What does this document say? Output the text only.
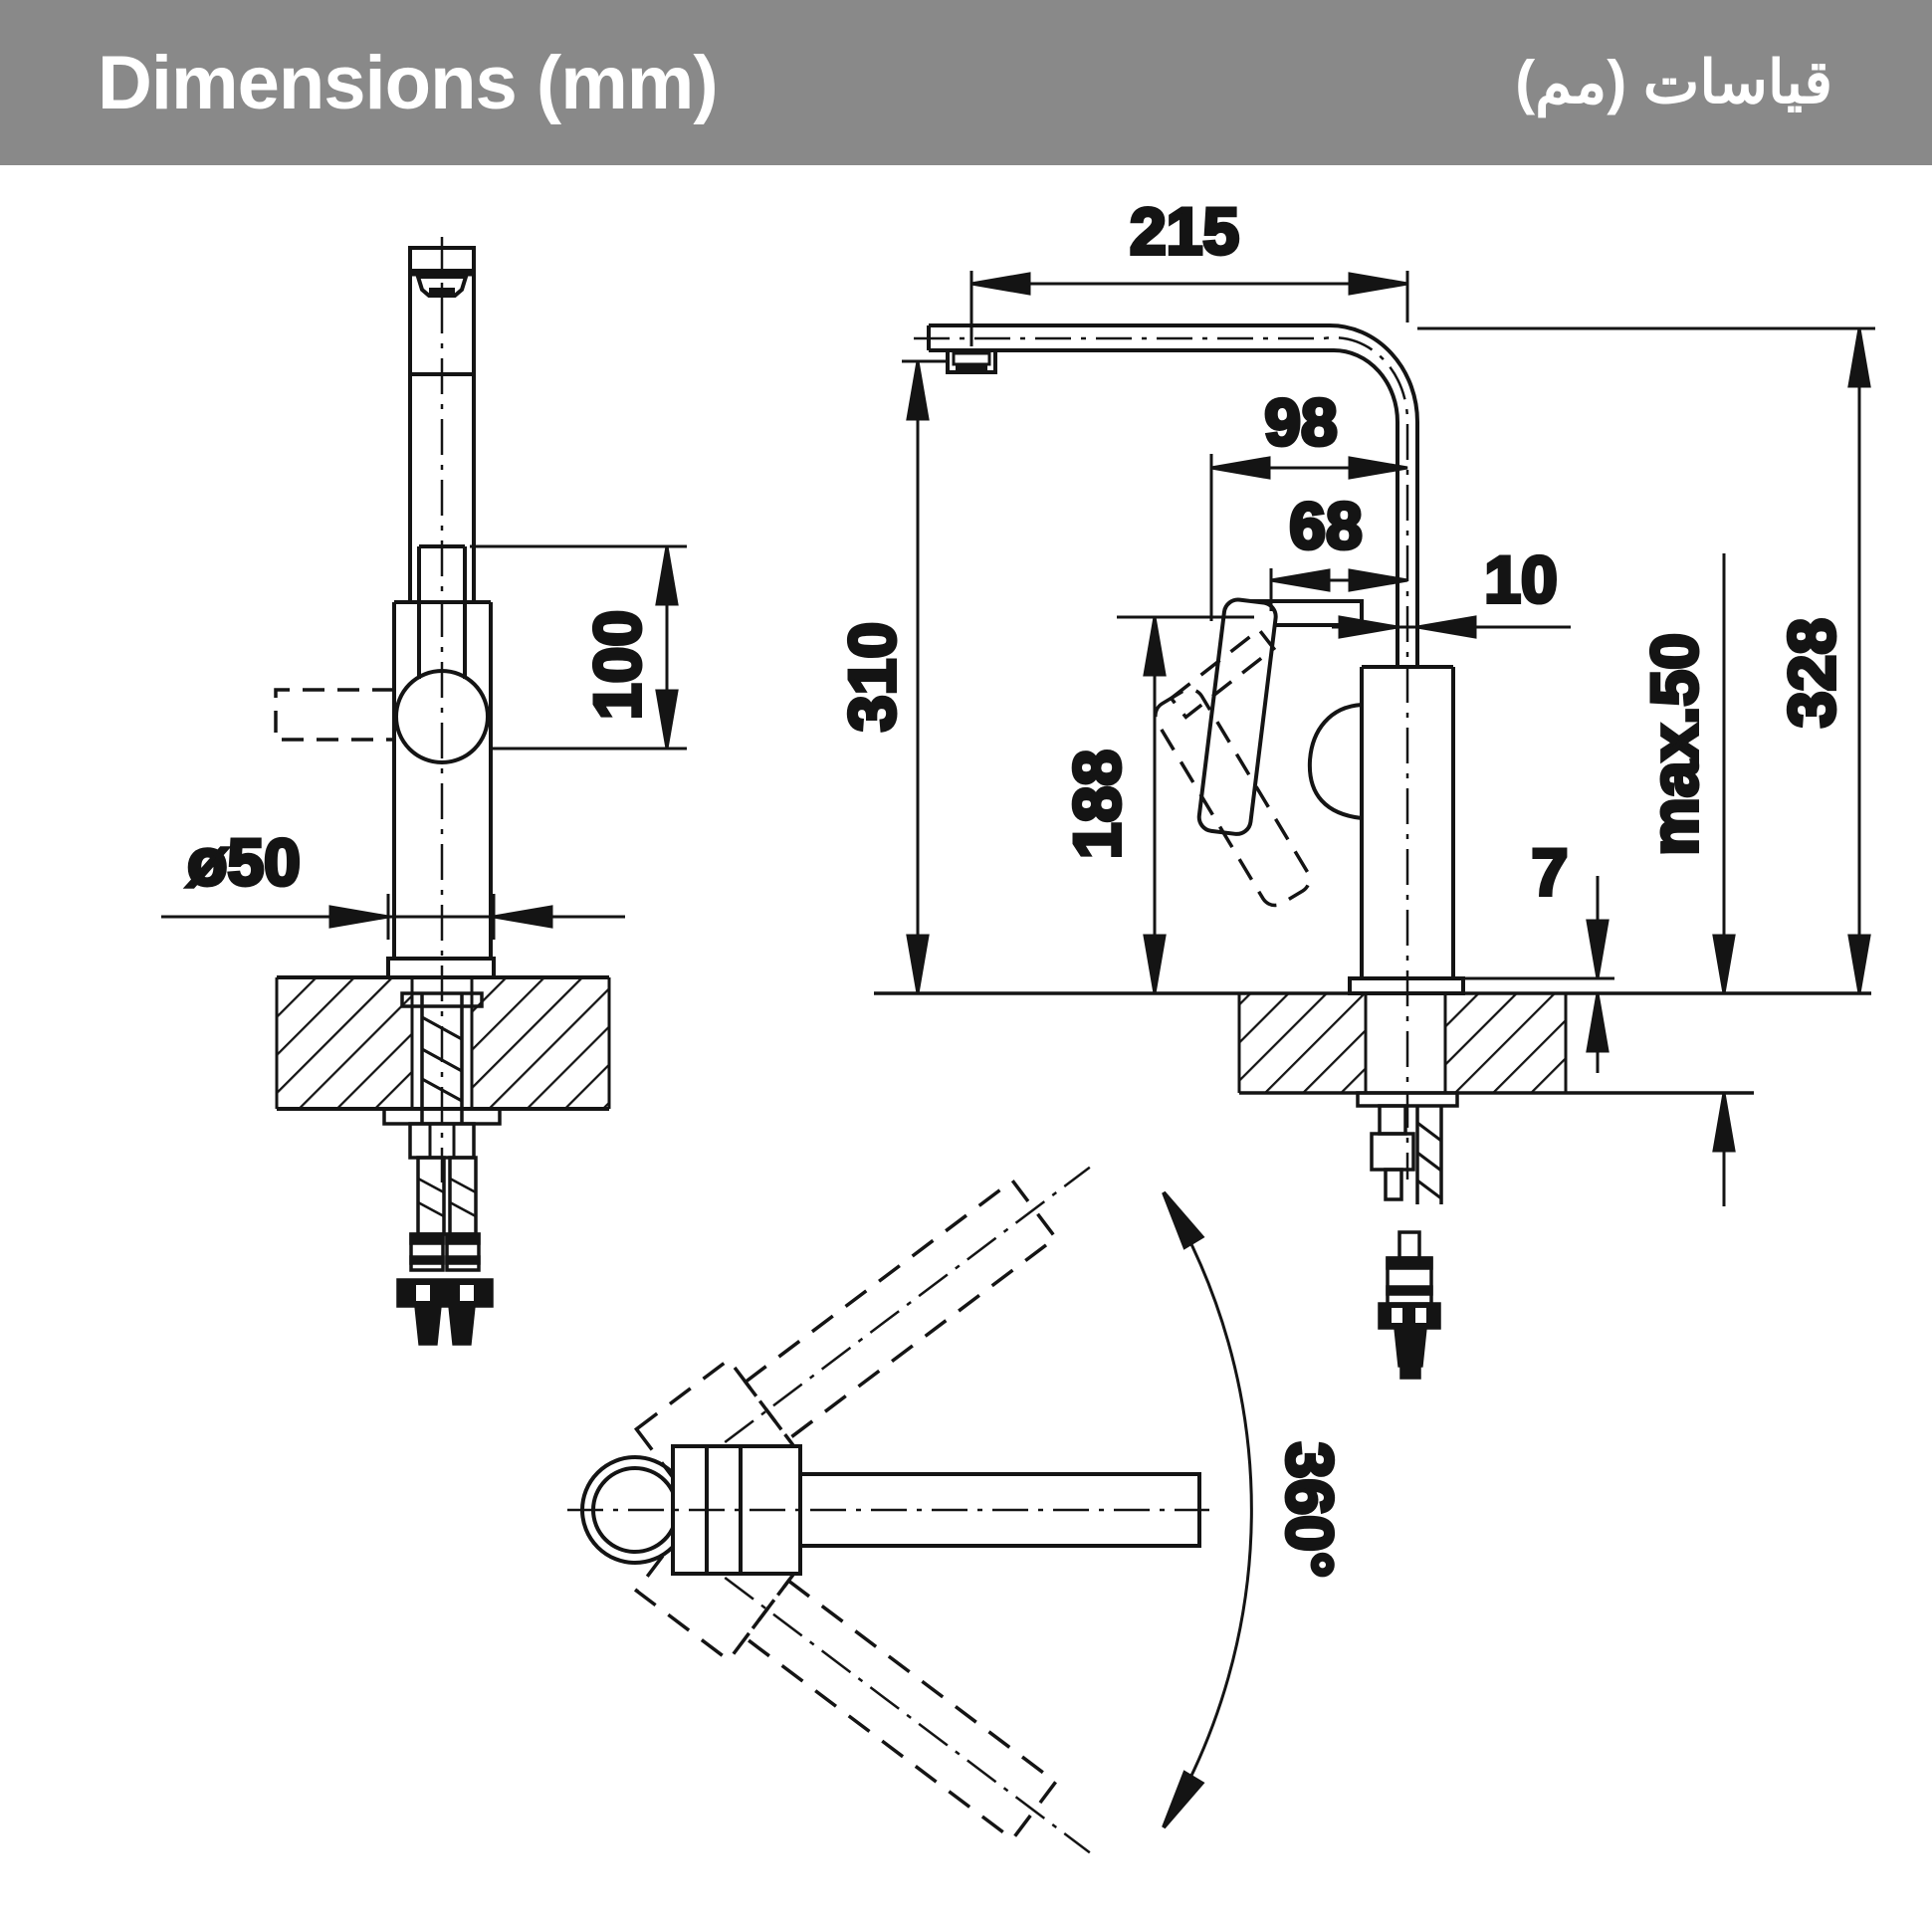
Dimensions (mm)	قياسات (مم)
100
ø50
215
98
68
10
310
188
7
max.50 328
360°
